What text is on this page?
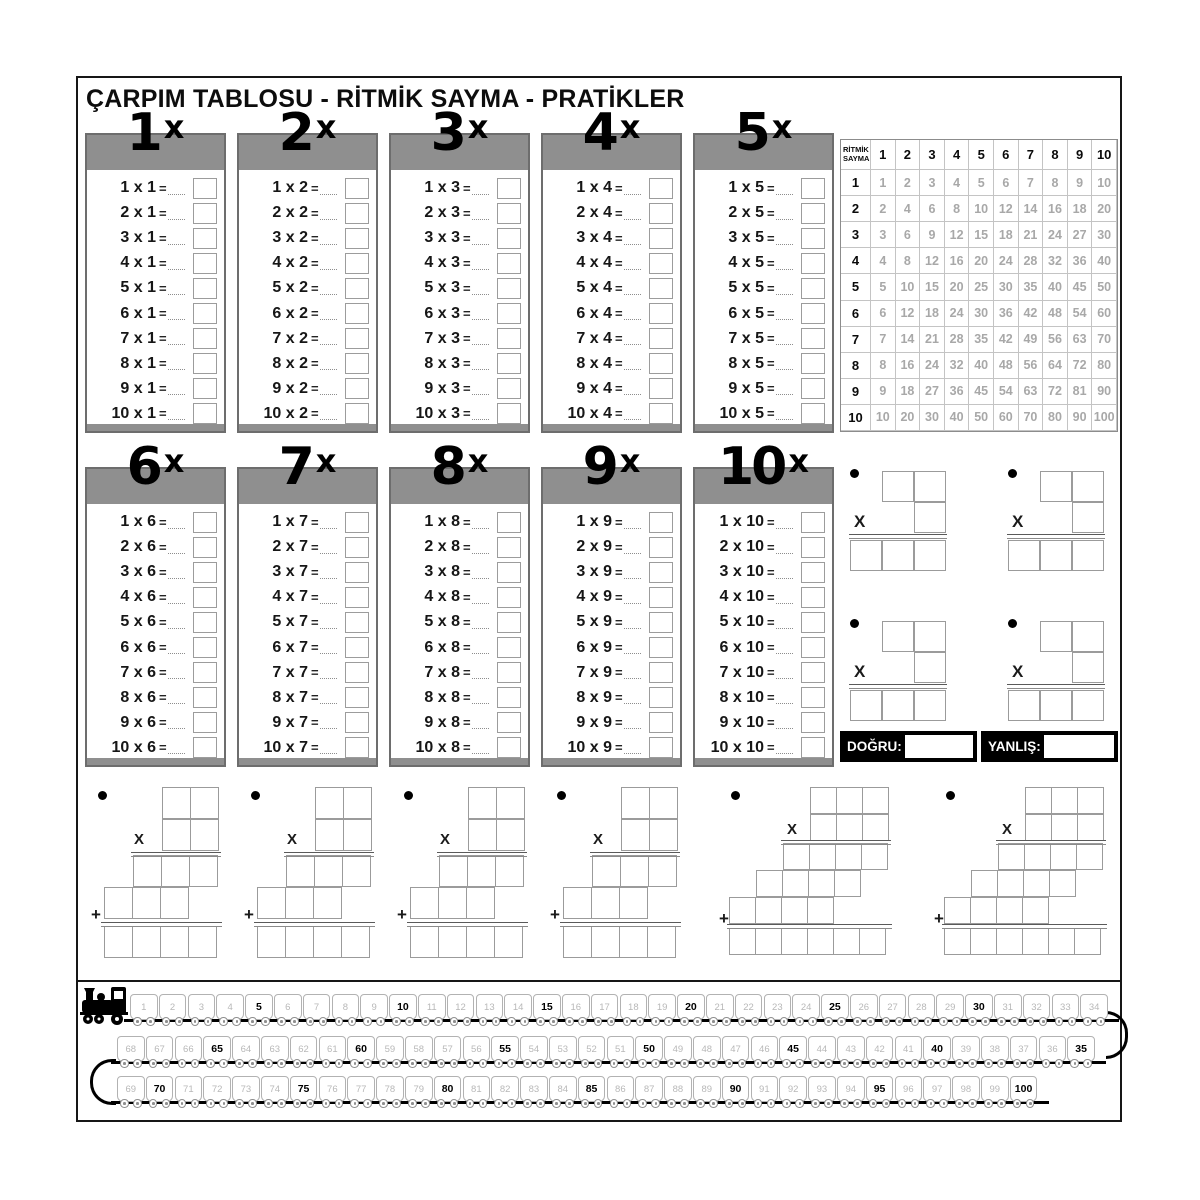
ÇARPIM TABLOSU - RİTMİK SAYMA - PRATİKLER
1 x
1 x 1 =
2 x 1 =
3 x 1 =
4 x 1 =
5 x 1 =
6 x 1 =
7 x 1 =
8 x 1 =
9 x 1 =
10 x 1 =
2 x
1 x 2 =
2 x 2 =
3 x 2 =
4 x 2 =
5 x 2 =
6 x 2 =
7 x 2 =
8 x 2 =
9 x 2 =
10 x 2 =
3 x
1 x 3 =
2 x 3 =
3 x 3 =
4 x 3 =
5 x 3 =
6 x 3 =
7 x 3 =
8 x 3 =
9 x 3 =
10 x 3 =
4 x
1 x 4 =
2 x 4 =
3 x 4 =
4 x 4 =
5 x 4 =
6 x 4 =
7 x 4 =
8 x 4 =
9 x 4 =
10 x 4 =
5 x
1 x 5 =
2 x 5 =
3 x 5 =
4 x 5 =
5 x 5 =
6 x 5 =
7 x 5 =
8 x 5 =
9 x 5 =
10 x 5 =
6 x
1 x 6 =
2 x 6 =
3 x 6 =
4 x 6 =
5 x 6 =
6 x 6 =
7 x 6 =
8 x 6 =
9 x 6 =
10 x 6 =
7 x
1 x 7 =
2 x 7 =
3 x 7 =
4 x 7 =
5 x 7 =
6 x 7 =
7 x 7 =
8 x 7 =
9 x 7 =
10 x 7 =
8 x
1 x 8 =
2 x 8 =
3 x 8 =
4 x 8 =
5 x 8 =
6 x 8 =
7 x 8 =
8 x 8 =
9 x 8 =
10 x 8 =
9 x
1 x 9 =
2 x 9 =
3 x 9 =
4 x 9 =
5 x 9 =
6 x 9 =
7 x 9 =
8 x 9 =
9 x 9 =
10 x 9 =
10 x
1 x 10 =
2 x 10 =
3 x 10 =
4 x 10 =
5 x 10 =
6 x 10 =
7 x 10 =
8 x 10 =
9 x 10 =
10 x 10 =
RİTMİK
SAYMA 1	2	3	4	5	6	7	8	9	10
1	1	2	3	4	5	6	7	8	9	10
2	2	4	6	8	10 12 14 16 18 20
3	3	6	9	12 15 18 21 24 27 30
4	4	8	12 16 20 24 28 32 36 40
5	5	10 15 20 25 30 35 40 45 50
6	6	12 18 24 30 36 42 48 54 60
7	7	14 21 28 35 42 49 56 63 70
8	8	16 24 32 40 48 56 64 72 80
9	9	18 27 36 45 54 63 72 81 90
10	10 20 30 40 50 60 70 80 90 100
X	X
X	X
DOĞRU:	YANLIŞ:
X
+
X
+
X
+
X
+
X
+
X
+
1 2 3 4 5 6 7 8 9 10 11 12 13 14 15 16 17 18 19 20 21 22 23 24 25 26 27 28 29 30 31 32 33 34
68 67 66 65 64 63 62 61 60 59 58 57 56 55 54 53 52 51 50 49 48 47 46 45 44 43 42 41 40 39 38 37 36 35
69 70 71 72 73 74 75 76 77 78 79 80 81 82 83 84 85 86 87 88 89 90 91 92 93 94 95 96 97 98 99 100
